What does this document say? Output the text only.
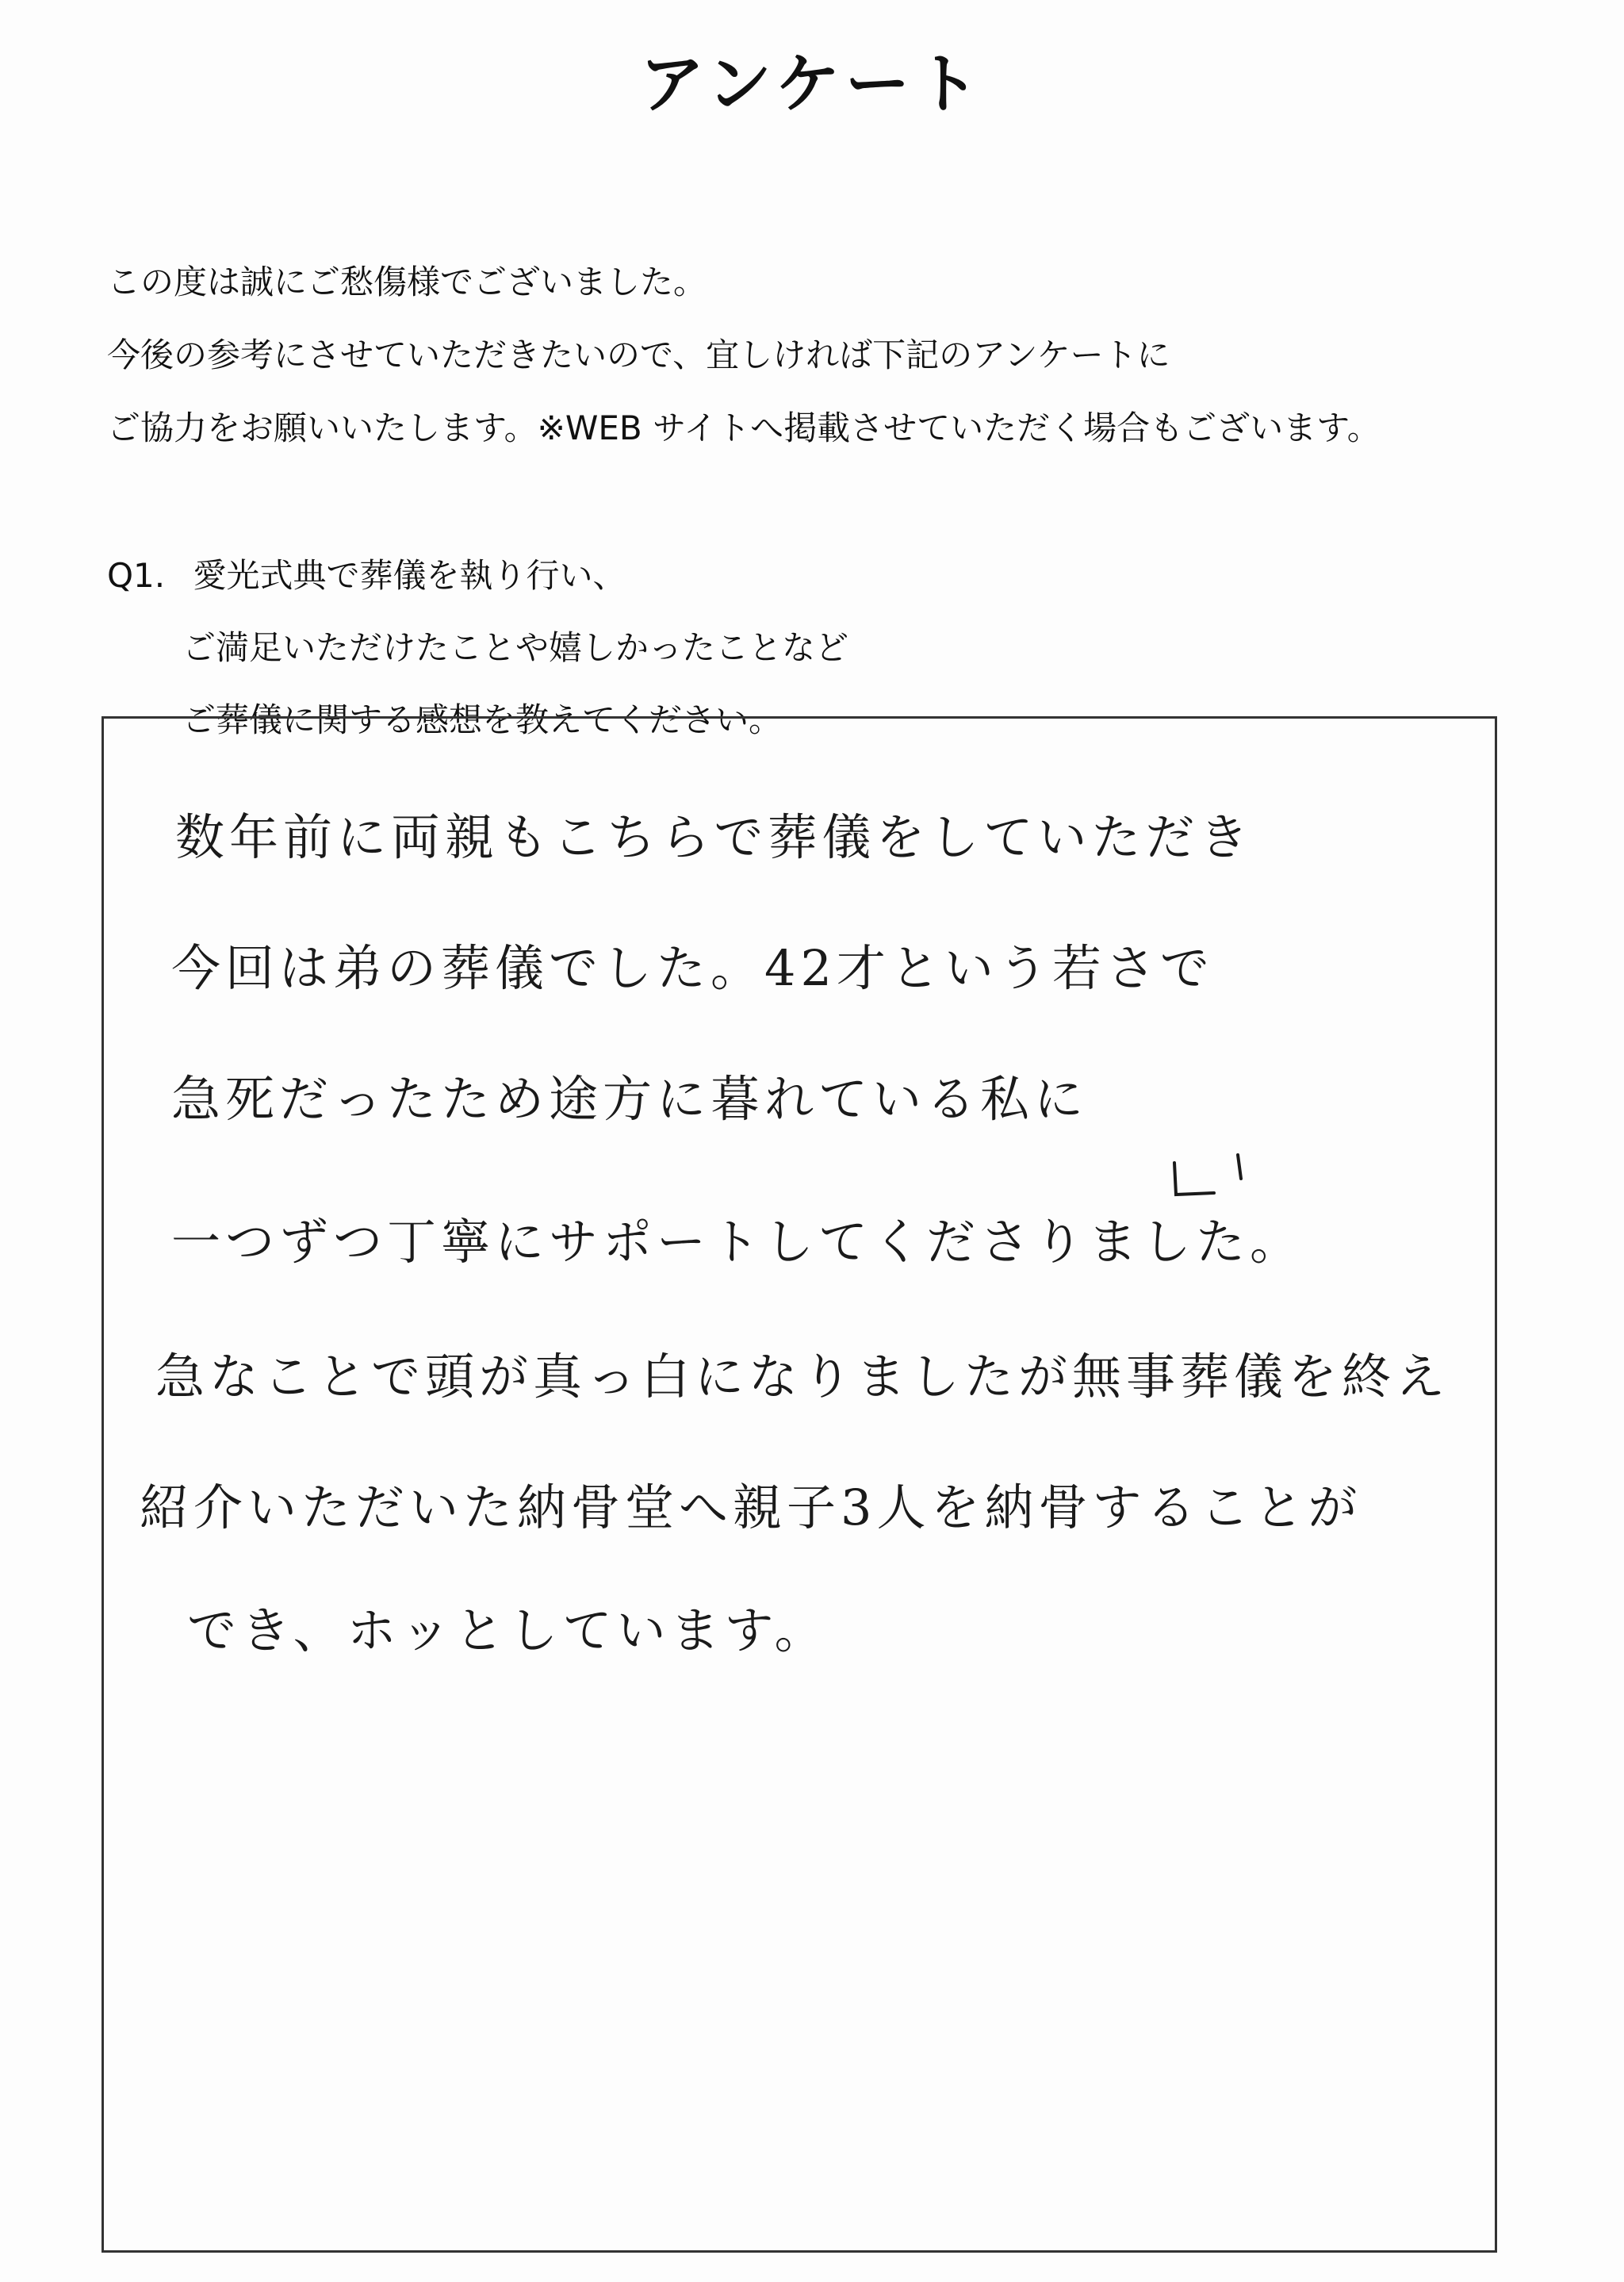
アンケート
この度は誠にご愁傷様でございました。
今後の参考にさせていただきたいので、宜しければ下記のアンケートに
ご協力をお願いいたします。※WEB サイトへ掲載させていただく場合もございます。
Q1. 愛光式典で葬儀を執り行い、
ご満足いただけたことや嬉しかったことなど
ご葬儀に関する感想を教えてください。
数年前に両親もこちらで葬儀をしていただき
今回は弟の葬儀でした。42才という若さで
急死だったため途方に暮れている私に
一つずつ丁寧にサポートしてくださりました。
急なことで頭が真っ白になりましたが無事葬儀を終え
紹介いただいた納骨堂へ親子3人を納骨することが
でき、ホッとしています。
